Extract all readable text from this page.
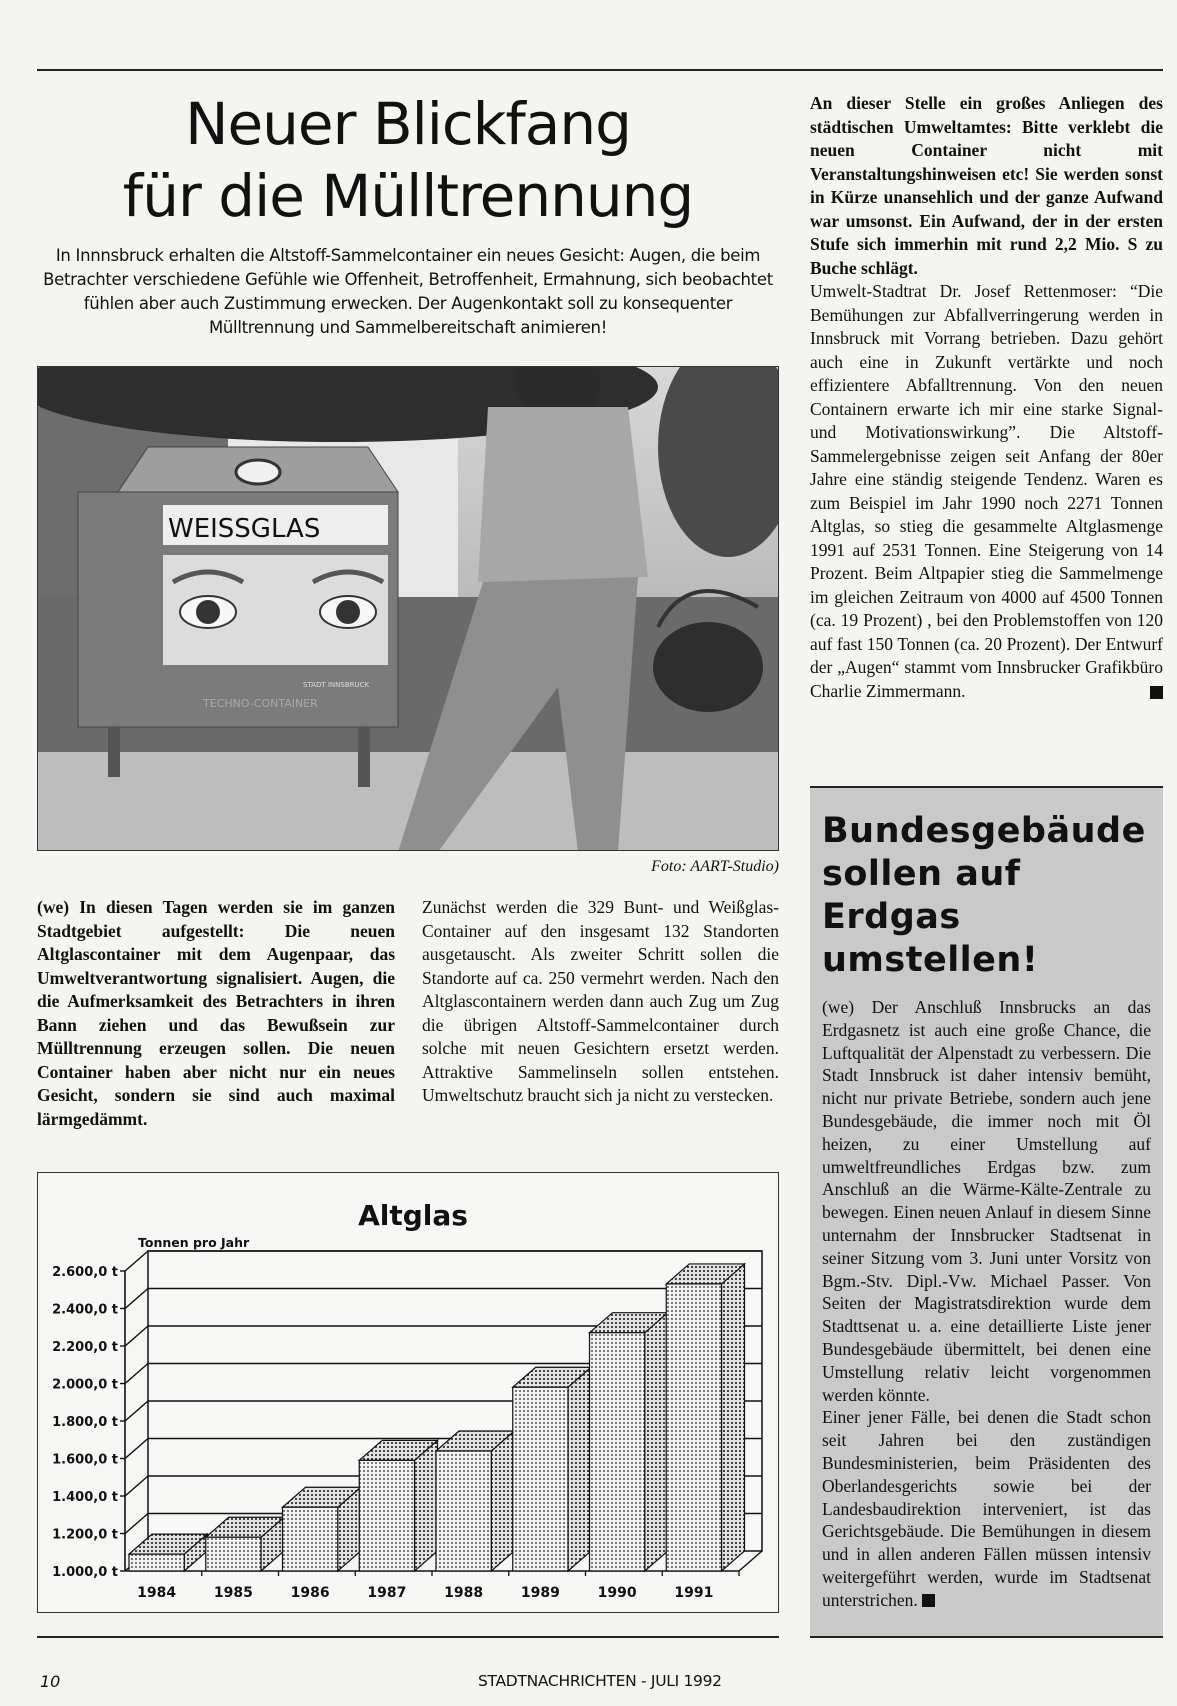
Neuer Blickfang
für die Mülltrennung
In Innnsbruck erhalten die Altstoff-Sammelcontainer ein neues Gesicht: Augen, die beim Betrachter verschiedene Gefühle wie Offenheit, Betroffenheit, Ermahnung, sich beobachtet fühlen aber auch Zustimmung erwecken. Der Augenkontakt soll zu konsequenter Mülltrennung und Sammelbereitschaft animieren!
WEISSGLAS
TECHNO-CONTAINER
STADT INNSBRUCK
Foto: AART-Studio)
(we) In diesen Tagen werden sie im ganzen Stadtgebiet aufgestellt: Die neuen Altglascontainer mit dem Augenpaar, das Umweltverantwortung signalisiert. Augen, die die Aufmerksamkeit des Betrachters in ihren Bann ziehen und das Bewußsein zur Mülltrennung erzeugen sollen. Die neuen Container haben aber nicht nur ein neues Gesicht, sondern sie sind auch maximal lärmgedämmt.
Zunächst werden die 329 Bunt- und Weißglas-Container auf den insgesamt 132 Standorten ausgetauscht. Als zweiter Schritt sollen die Standorte auf ca. 250 vermehrt werden. Nach den Altglascontainern werden dann auch Zug um Zug die übrigen Altstoff-Sammelcontainer durch solche mit neuen Gesichtern ersetzt werden. Attraktive Sammelinseln sollen entstehen. Umweltschutz braucht sich ja nicht zu verstecken.
An dieser Stelle ein großes Anliegen des städtischen Umweltamtes: Bitte verklebt die neuen Container nicht mit Veranstaltungshinweisen etc! Sie werden sonst in Kürze unansehlich und der ganze Aufwand war umsonst. Ein Aufwand, der in der ersten Stufe sich immerhin mit rund 2,2 Mio. S zu Buche schlägt.
Umwelt-Stadtrat Dr. Josef Rettenmoser: “Die Bemühungen zur Abfallverringerung werden in Innsbruck mit Vorrang betrieben. Dazu gehört auch eine in Zukunft vertärkte und noch effizientere Abfalltrennung. Von den neuen Containern erwarte ich mir eine starke Signal- und Motivationswirkung”. Die Altstoff-Sammelergebnisse zeigen seit Anfang der 80er Jahre eine ständig steigende Tendenz. Waren es zum Beispiel im Jahr 1990 noch 2271 Tonnen Altglas, so stieg die gesammelte Altglasmenge 1991 auf 2531 Tonnen. Eine Steigerung von 14 Prozent. Beim Altpapier stieg die Sammelmenge im gleichen Zeitraum von 4000 auf 4500 Tonnen (ca. 19 Prozent) , bei den Problemstoffen von 120 auf fast 150 Tonnen (ca. 20 Prozent). Der Entwurf der „Augen“ stammt vom Innsbrucker Grafikbüro Charlie Zimmermann.
Bundesgebäude sollen auf Erdgas umstellen!
(we) Der Anschluß Innsbrucks an das Erdgasnetz ist auch eine große Chance, die Luftqualität der Alpenstadt zu verbessern. Die Stadt Innsbruck ist daher intensiv bemüht, nicht nur private Betriebe, sondern auch jene Bundesgebäude, die immer noch mit Öl heizen, zu einer Umstellung auf umweltfreundliches Erdgas bzw. zum Anschluß an die Wärme-Kälte-Zentrale zu bewegen. Einen neuen Anlauf in diesem Sinne unternahm der Innsbrucker Stadtsenat in seiner Sitzung vom 3. Juni unter Vorsitz von Bgm.-Stv. Dipl.-Vw. Michael Passer. Von Seiten der Magistratsdirektion wurde dem Stadttsenat u. a. eine detaillierte Liste jener Bundesgebäude übermittelt, bei denen eine Umstellung relativ leicht vorgenommen werden könnte.
Einer jener Fälle, bei denen die Stadt schon seit Jahren bei den zuständigen Bundesministerien, beim Präsidenten des Oberlandesgerichts sowie bei der Landesbaudirektion interveniert, ist das Gerichtsgebäude. Die Bemühungen in diesem und in allen anderen Fällen müssen intensiv weitergeführt werden, wurde im Stadtsenat unterstrichen.
Altglas
Tonnen pro Jahr
1.000,0 t
1.200,0 t
1.400,0 t
1.600,0 t
1.800,0 t
2.000,0 t
2.200,0 t
2.400,0 t
2.600,0 t
1984	1985	1986	1987	1988	1989	1990	1991
10	STADTNACHRICHTEN - JULI 1992
